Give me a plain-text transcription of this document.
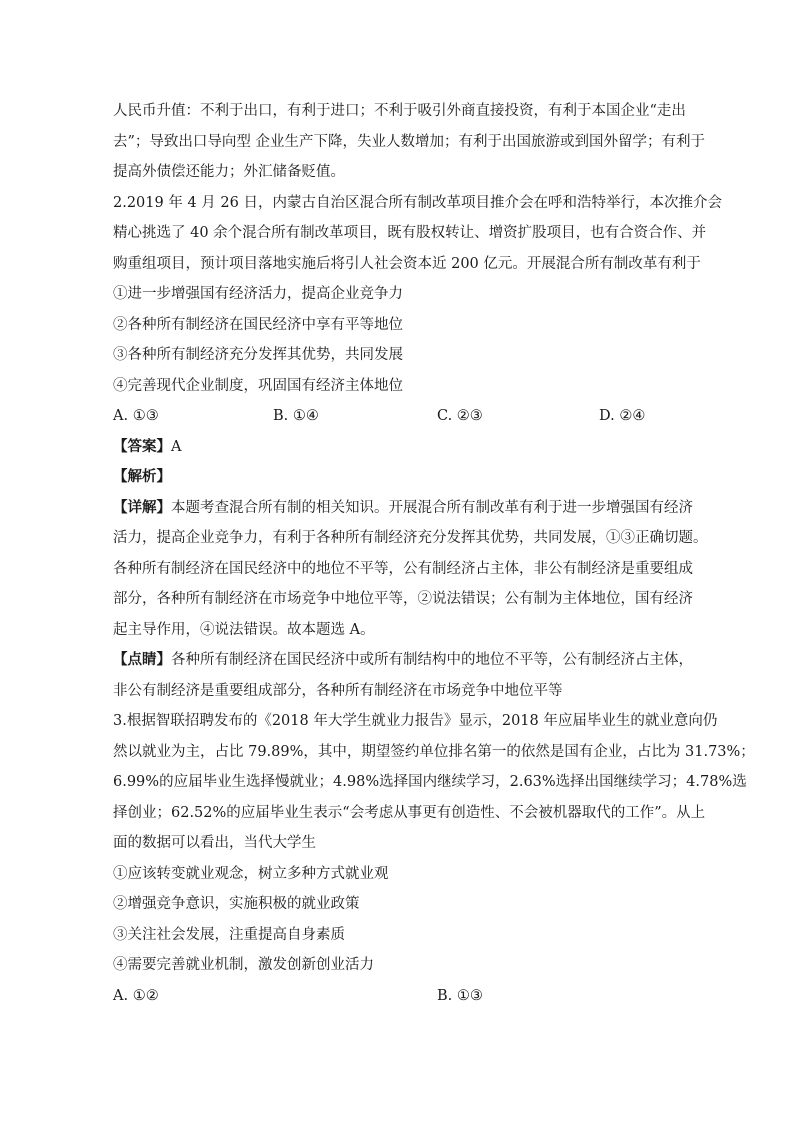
人民币升值：不利于出口，有利于进口；不利于吸引外商直接投资，有利于本国企业“走出
去”；导致出口导向型 企业生产下降，失业人数增加；有利于出国旅游或到国外留学；有利于
提高外债偿还能力；外汇储备贬值。
2.2019 年 4 月 26 日，内蒙古自治区混合所有制改革项目推介会在呼和浩特举行，本次推介会
精心挑选了 40 余个混合所有制改革项目，既有股权转让、增资扩股项目，也有合资合作、并
购重组项目，预计项目落地实施后将引人社会资本近 200 亿元。开展混合所有制改革有利于
①进一步增强国有经济活力，提高企业竞争力
②各种所有制经济在国民经济中享有平等地位
③各种所有制经济充分发挥其优势，共同发展
④完善现代企业制度，巩固国有经济主体地位
A. ①③	B. ①④	C. ②③	D. ②④
【答案】A
【解析】
【详解】本题考查混合所有制的相关知识。开展混合所有制改革有利于进一步增强国有经济
活力，提高企业竞争力，有利于各种所有制经济充分发挥其优势，共同发展，①③正确切题。
各种所有制经济在国民经济中的地位不平等，公有制经济占主体，非公有制经济是重要组成
部分，各种所有制经济在市场竞争中地位平等，②说法错误；公有制为主体地位，国有经济
起主导作用，④说法错误。故本题选 A。
【点睛】各种所有制经济在国民经济中或所有制结构中的地位不平等，公有制经济占主体，
非公有制经济是重要组成部分，各种所有制经济在市场竞争中地位平等
3.根据智联招聘发布的《2018 年大学生就业力报告》显示，2018 年应届毕业生的就业意向仍
然以就业为主，占比 79.89%，其中，期望签约单位排名第一的依然是国有企业，占比为 31.73%；
6.99%的应届毕业生选择慢就业；4.98%选择国内继续学习，2.63%选择出国继续学习；4.78%选
择创业；62.52%的应届毕业生表示“会考虑从事更有创造性、不会被机器取代的工作”。从上
面的数据可以看出，当代大学生
①应该转变就业观念，树立多种方式就业观
②增强竞争意识，实施积极的就业政策
③关注社会发展，注重提高自身素质
④需要完善就业机制，激发创新创业活力
A. ①②	B. ①③
